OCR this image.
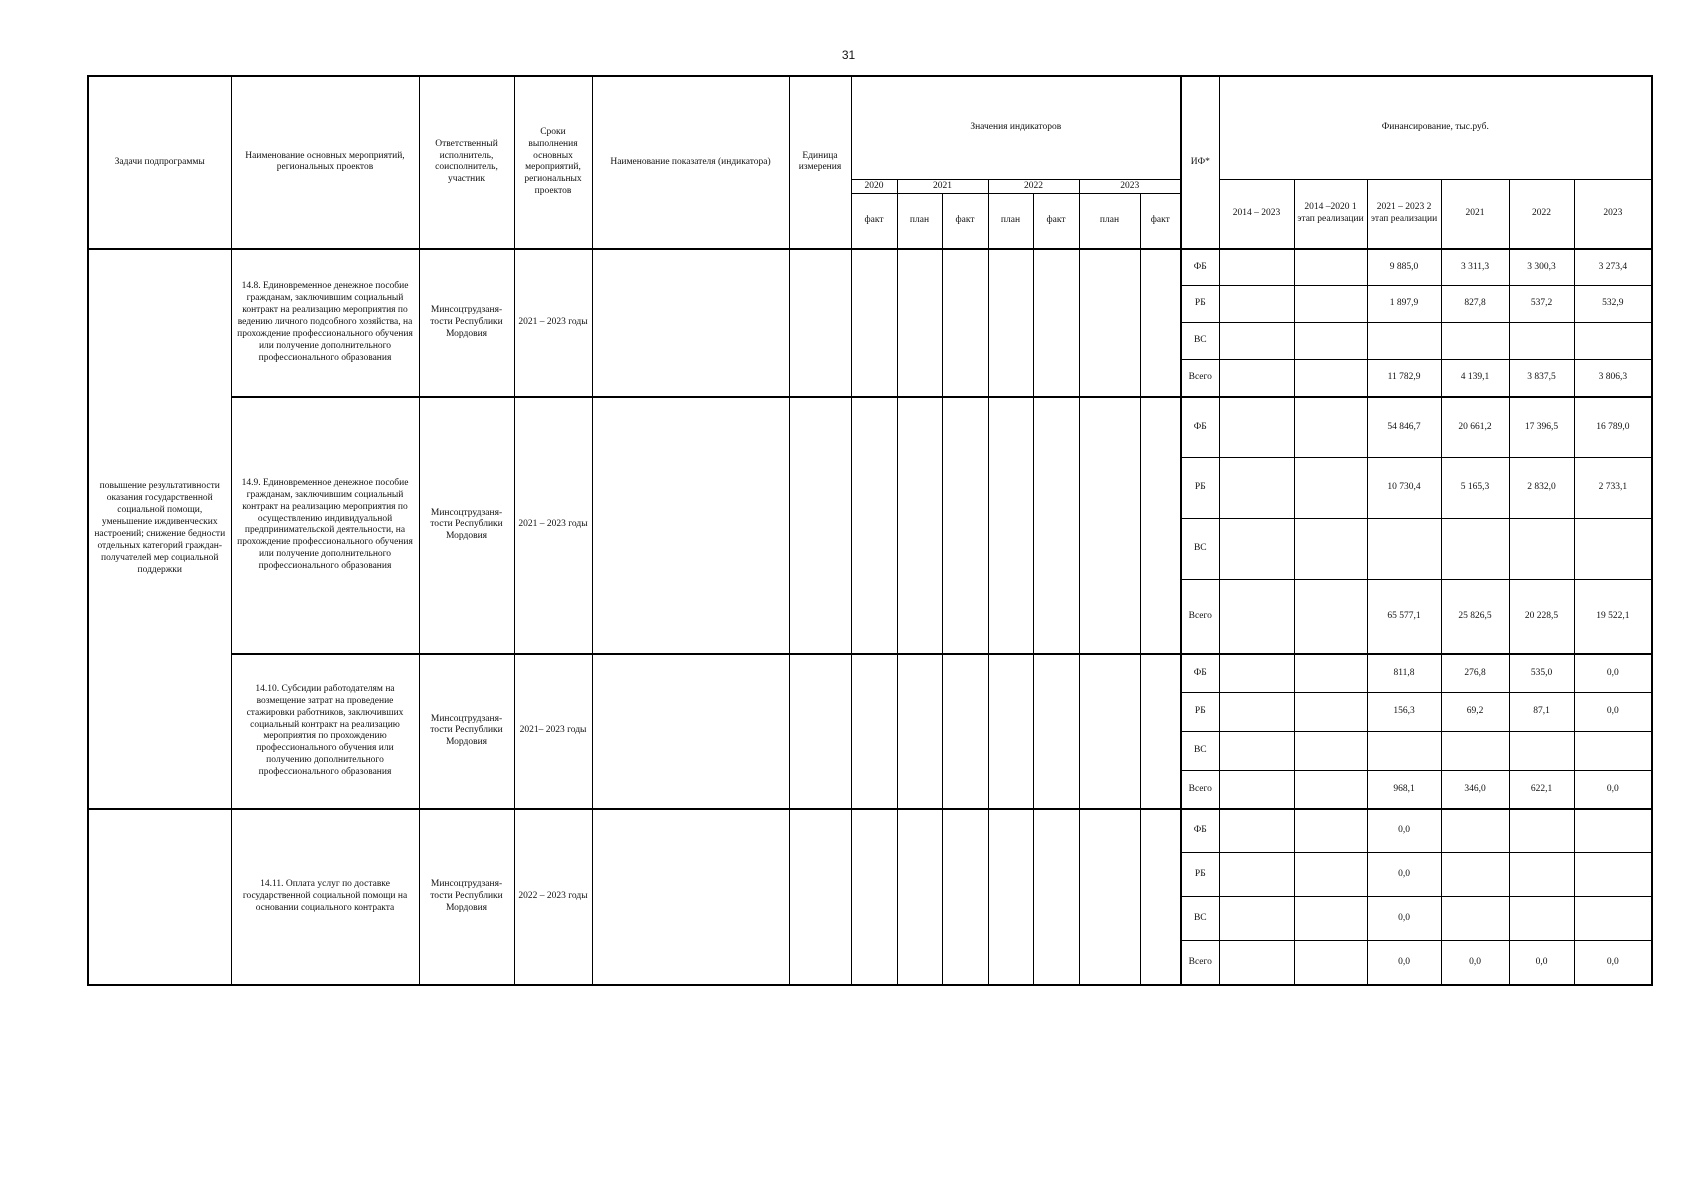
31
Задачи подпрограммы	Наименование основных мероприятий, региональных проектов	Ответственный исполнитель, соисполнитель, участник	Сроки выполнения основных мероприятий, региональных проектов	Наименование показателя (индикатора)	Единица измерения	Значения индикаторов							ИФ*	Финансирование, тыс.руб.					
						2020	2021		2022		2023			2014 – 2023	2014 –2020 1 этап реализации	2021 – 2023 2 этап реализации	2021	2022	2023
						факт	план	факт	план	факт	план	факт							
повышение результативности оказания государственной социальной помощи, уменьшение иждивенческих настроений; снижение бедности отдельных категорий граждан-получателей мер социальной поддержки	14.8. Единовременное денежное пособие гражданам, заключившим социальный контракт на реализацию мероприятия по ведению личного подсобного хозяйства, на прохождение профессионального обучения или получение дополнительного профессионального образования	Минсоцтрудзаня-тости Республики Мордовия	2021 – 2023 годы										ФБ			9 885,0	3 311,3	3 300,3	3 273,4
													РБ			1 897,9	827,8	537,2	532,9
													ВС						
													Всего			11 782,9	4 139,1	3 837,5	3 806,3
	14.9. Единовременное денежное пособие гражданам, заключившим социальный контракт на реализацию мероприятия по осуществлению индивидуальной предпринимательской деятельности, на прохождение профессионального обучения или получение дополнительного профессионального образования	Минсоцтрудзаня-тости Республики Мордовия	2021 – 2023 годы										ФБ			54 846,7	20 661,2	17 396,5	16 789,0
													РБ			10 730,4	5 165,3	2 832,0	2 733,1
													ВС						
													Всего			65 577,1	25 826,5	20 228,5	19 522,1
	14.10. Субсидии работодателям на возмещение затрат на проведение стажировки работников, заключивших социальный контракт на реализацию мероприятия по прохождению профессионального обучения или получению дополнительного профессионального образования	Минсоцтрудзаня-тости Республики Мордовия	2021– 2023 годы										ФБ			811,8	276,8	535,0	0,0
													РБ			156,3	69,2	87,1	0,0
													ВС						
													Всего			968,1	346,0	622,1	0,0
	14.11. Оплата услуг по доставке государственной социальной помощи на основании социального контракта	Минсоцтрудзаня-тости Республики Мордовия	2022 – 2023 годы										ФБ			0,0			
													РБ			0,0			
													ВС			0,0			
													Всего			0,0	0,0	0,0	0,0
